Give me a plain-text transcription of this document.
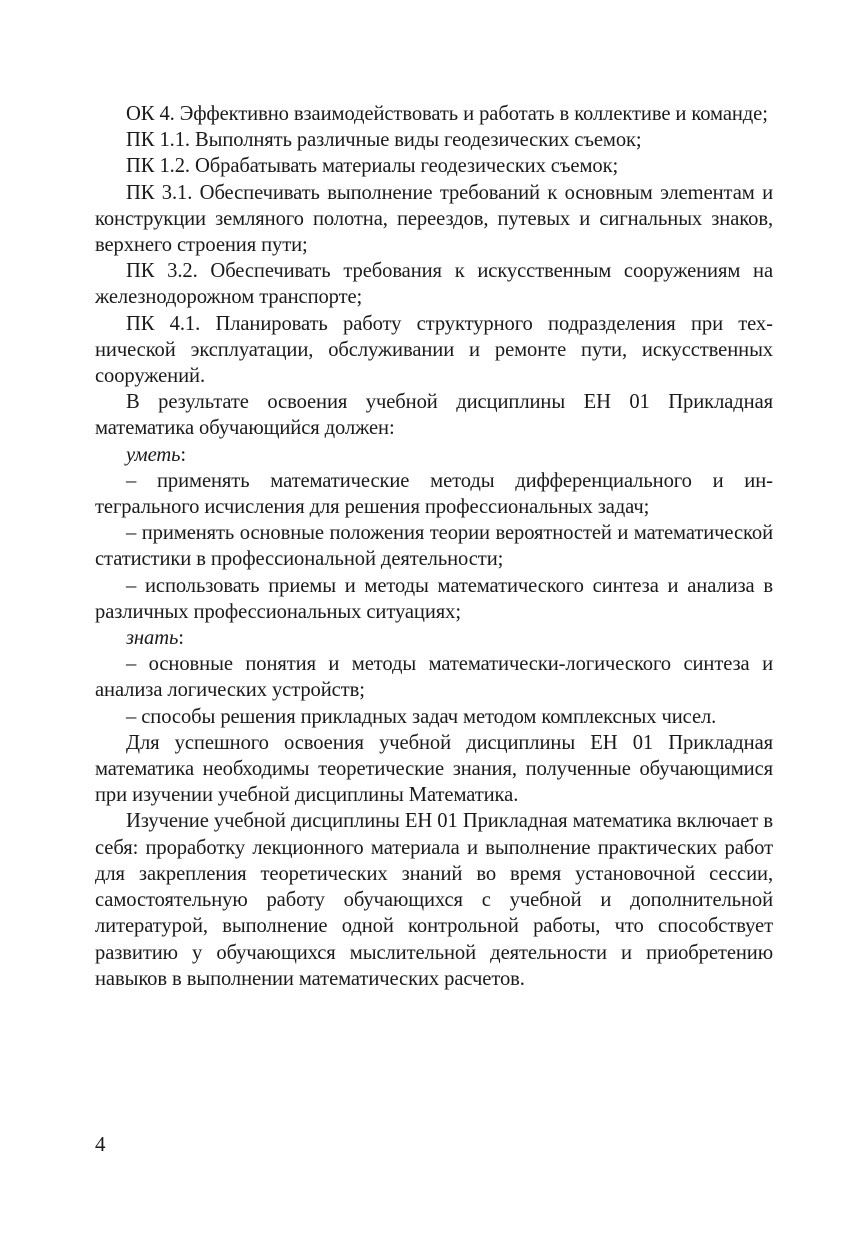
ОК 4. Эффективно взаимодействовать и работать в коллективе и команде;

ПК 1.1. Выполнять различные виды геодезических съемок;

ПК 1.2. Обрабатывать материалы геодезических съемок;

ПК 3.1. Обеспечивать выполнение требований к основным элеmентам и конструкции земляного полотна, переездов, путевых и сигнальных знаков, верхнего строения пути;

ПК 3.2. Обеспечивать требования к искусственным сооружениям на железнодорожном транспорте;

ПК 4.1. Планировать работу структурного подразделения при технической эксплуатации, обслуживании и ремонте пути, искусственных сооружений.

В результате освоения учебной дисциплины ЕН 01 Прикладная математика обучающийся должен:

уметь:

– применять математические методы дифференциального и интегрального исчисления для решения профессиональных задач;

– применять основные положения теории вероятностей и математической статистики в профессиональной деятельности;

– использовать приемы и методы математического синтеза и анализа в различных профессиональных ситуациях;

знать:

– основные понятия и методы математически-логического синтеза и анализа логических устройств;

– способы решения прикладных задач методом комплексных чисел.

Для успешного освоения учебной дисциплины ЕН 01 Прикладная математика необходимы теоретические знания, полученные обучающимися при изучении учебной дисциплины Математика.

Изучение учебной дисциплины ЕН 01 Прикладная математика включает в себя: проработку лекционного материала и выполнение практических работ для закрепления теоретических знаний во время установочной сессии, самостоятельную работу обучающихся с учебной и дополнительной литературой, выполнение одной контрольной работы, что способствует развитию у обучающихся мыслительной деятельности и приобретению навыков в выполнении математических расчетов.

4
